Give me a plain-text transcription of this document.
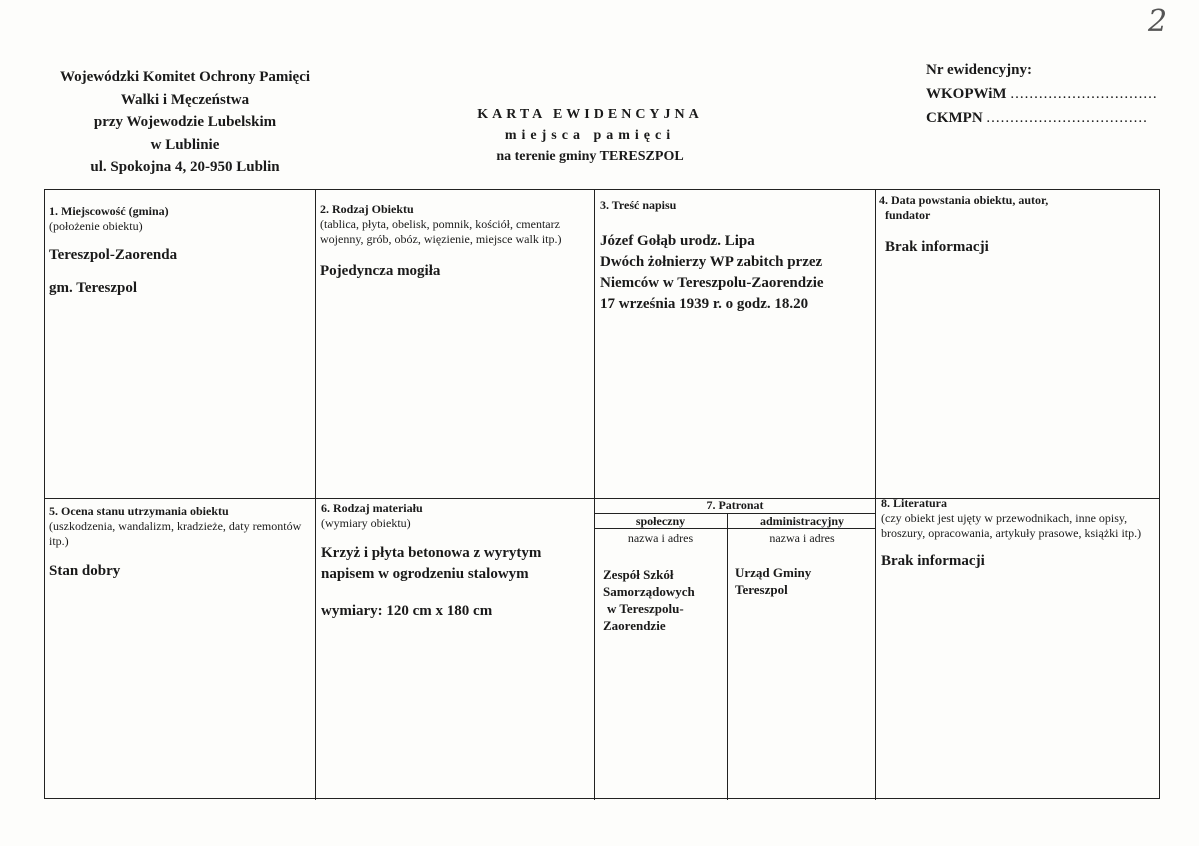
2
Wojewódzki Komitet Ochrony Pamięci
Walki i Męczeństwa
przy Wojewodzie Lubelskim
w Lublinie
ul. Spokojna 4, 20-950 Lublin
KARTA EWIDENCYJNA
miejsca pamięci
na terenie gminy TERESZPOL
Nr ewidencyjny:
WKOPWiM ...............................
CKMPN ..................................
1. Miejscowość (gmina)
(położenie obiektu)
Tereszpol-Zaorenda
gm. Tereszpol
2. Rodzaj Obiektu
(tablica, płyta, obelisk, pomnik, kościół, cmentarz wojenny, grób, obóz, więzienie, miejsce walk itp.)
Pojedyncza mogiła
3. Treść napisu
Józef Gołąb urodz. Lipa
Dwóch żołnierzy WP zabitch przez
Niemców w Tereszpolu-Zaorendzie
17 września 1939 r. o godz. 18.20
4. Data powstania obiektu, autor,
fundator
Brak informacji
5. Ocena stanu utrzymania obiektu
(uszkodzenia, wandalizm, kradzieże, daty remontów itp.)
Stan dobry
6. Rodzaj materiału
(wymiary obiektu)
Krzyż i płyta betonowa z wyrytym napisem w ogrodzeniu stalowym
wymiary: 120 cm x 180 cm
7. Patronat
społeczny	administracyjny
nazwa i adres	nazwa i adres
Zespół Szkół
Samorządowych
w Tereszpolu-
Zaorendzie
Urząd Gminy
Tereszpol
8. Literatura
(czy obiekt jest ujęty w przewodnikach, inne opisy, broszury, opracowania, artykuły prasowe, książki itp.)
Brak informacji
